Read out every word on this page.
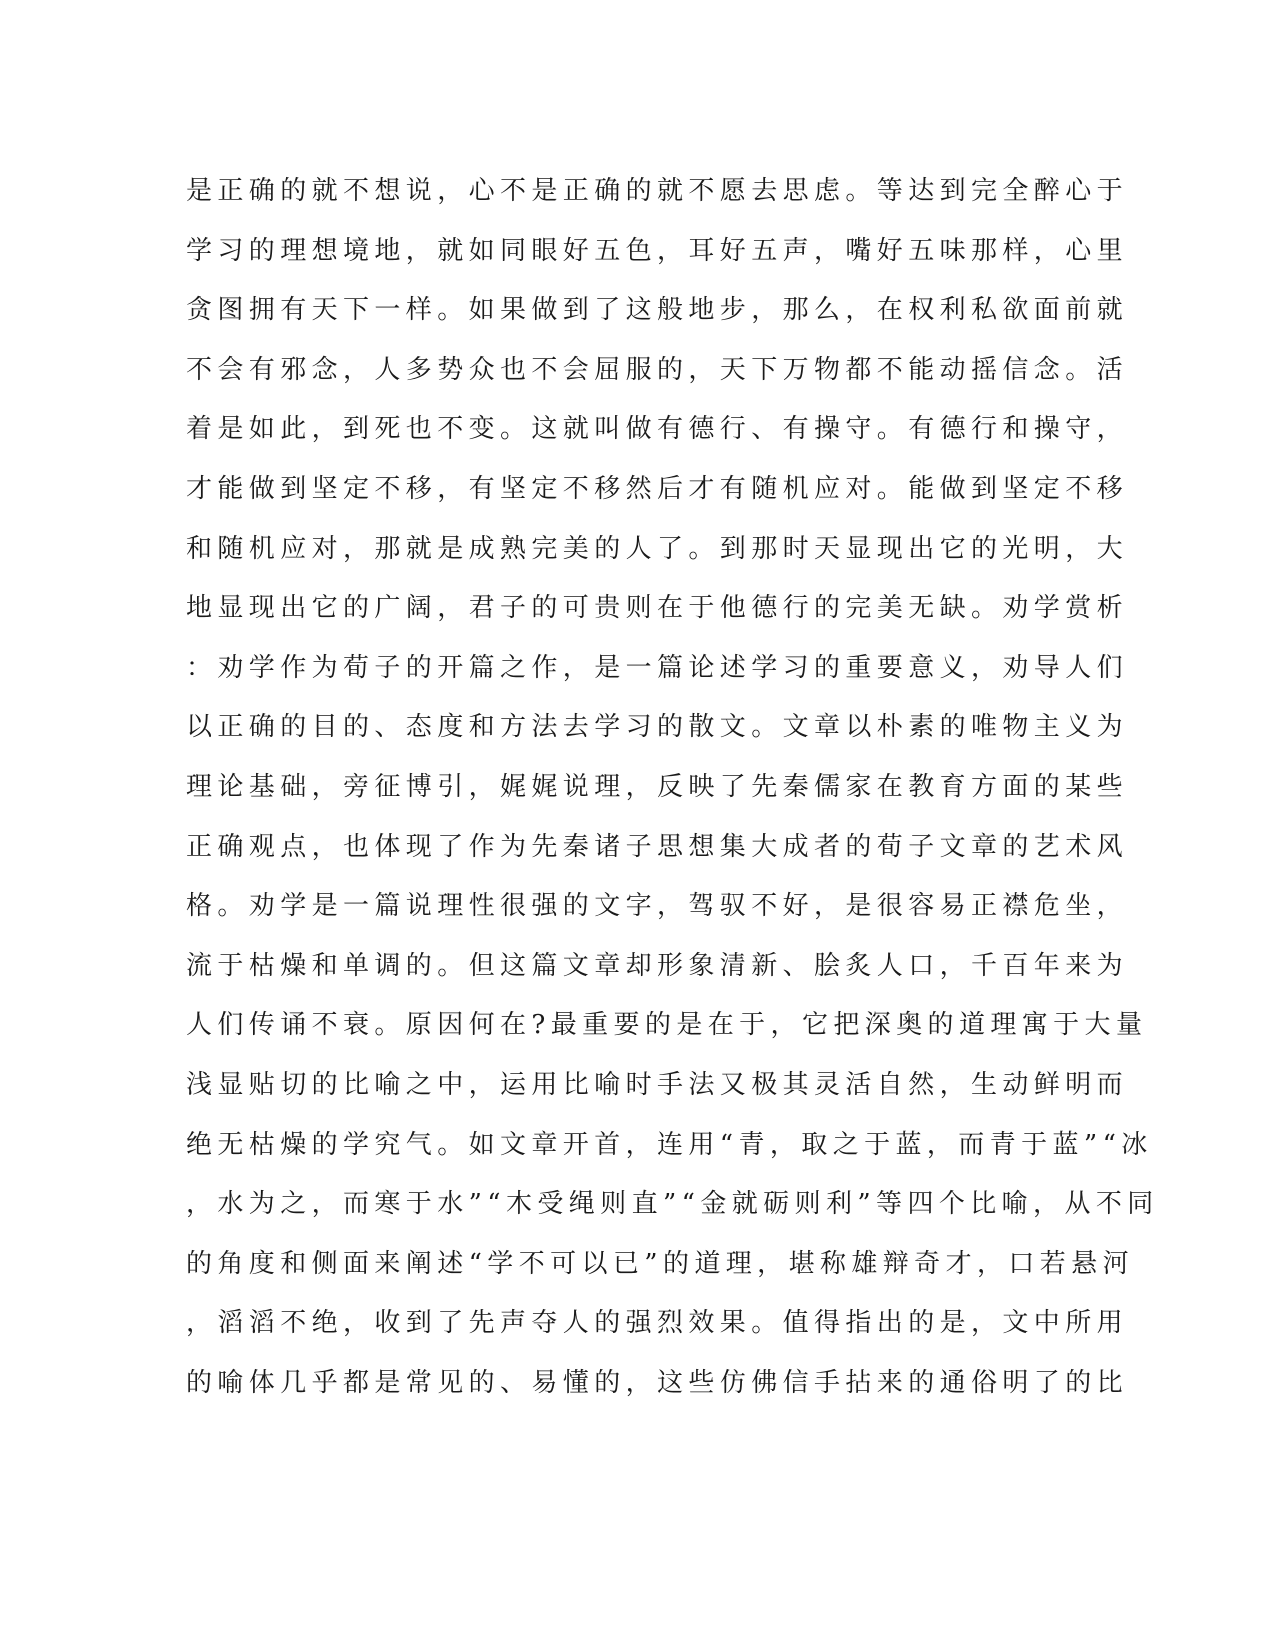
是正确的就不想说，心不是正确的就不愿去思虑。等达到完全醉心于
学习的理想境地，就如同眼好五色，耳好五声，嘴好五味那样，心里
贪图拥有天下一样。如果做到了这般地步，那么，在权利私欲面前就
不会有邪念，人多势众也不会屈服的，天下万物都不能动摇信念。活
着是如此，到死也不变。这就叫做有德行、有操守。有德行和操守，
才能做到坚定不移，有坚定不移然后才有随机应对。能做到坚定不移
和随机应对，那就是成熟完美的人了。到那时天显现出它的光明，大
地显现出它的广阔，君子的可贵则在于他德行的完美无缺。劝学赏析
：劝学作为荀子的开篇之作，是一篇论述学习的重要意义，劝导人们
以正确的目的、态度和方法去学习的散文。文章以朴素的唯物主义为
理论基础，旁征博引，娓娓说理，反映了先秦儒家在教育方面的某些
正确观点，也体现了作为先秦诸子思想集大成者的荀子文章的艺术风
格。劝学是一篇说理性很强的文字，驾驭不好，是很容易正襟危坐，
流于枯燥和单调的。但这篇文章却形象清新、脍炙人口，千百年来为
人们传诵不衰。原因何在?最重要的是在于，它把深奥的道理寓于大量
浅显贴切的比喻之中，运用比喻时手法又极其灵活自然，生动鲜明而
绝无枯燥的学究气。如文章开首，连用“青，取之于蓝，而青于蓝”“冰
，水为之，而寒于水”“木受绳则直”“金就砺则利”等四个比喻，从不同
的角度和侧面来阐述“学不可以已”的道理，堪称雄辩奇才，口若悬河
，滔滔不绝，收到了先声夺人的强烈效果。值得指出的是，文中所用
的喻体几乎都是常见的、易懂的，这些仿佛信手拈来的通俗明了的比
